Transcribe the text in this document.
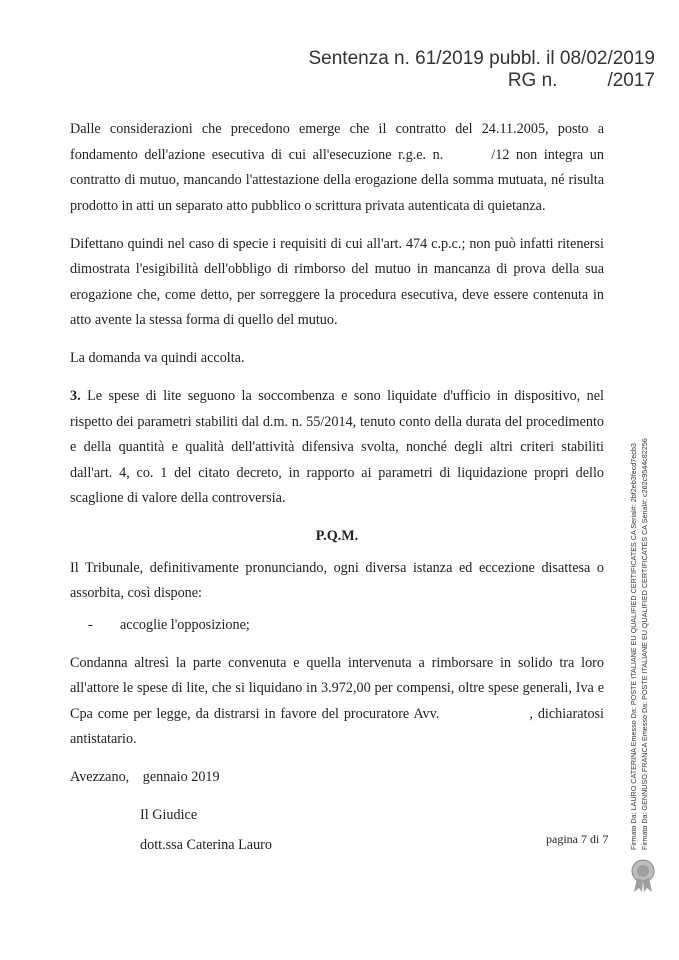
Sentenza n. 61/2019 pubbl. il 08/02/2019
RG n.	/2017

Dalle considerazioni che precedono emerge che il contratto del 24.11.2005, posto a fondamento dell'azione esecutiva di cui all'esecuzione r.g.e. n.	/12 non integra un contratto di mutuo, mancando l'attestazione della erogazione della somma mutuata, né risulta prodotto in atti un separato atto pubblico o scrittura privata autenticata di quietanza.

Difettano quindi nel caso di specie i requisiti di cui all'art. 474 c.p.c.; non può infatti ritenersi dimostrata l'esigibilità dell'obbligo di rimborso del mutuo in mancanza di prova della sua erogazione che, come detto, per sorreggere la procedura esecutiva, deve essere contenuta in atto avente la stessa forma di quello del mutuo.

La domanda va quindi accolta.

3. Le spese di lite seguono la soccombenza e sono liquidate d'ufficio in dispositivo, nel rispetto dei parametri stabiliti dal d.m. n. 55/2014, tenuto conto della durata del procedimento e della quantità e qualità dell'attività difensiva svolta, nonché degli altri criteri stabiliti dall'art. 4, co. 1 del citato decreto, in rapporto ai parametri di liquidazione propri dello scaglione di valore della controversia.

P.Q.M.

Il Tribunale, definitivamente pronunciando, ogni diversa istanza ed eccezione disattesa o assorbita, così dispone:

-	accoglie l'opposizione;

Condanna altresì la parte convenuta e quella intervenuta a rimborsare in solido tra loro all'attore le spese di lite, che si liquidano in 3.972,00 per compensi, oltre spese generali, Iva e Cpa come per legge, da distrarsi in favore del procuratore Avv.	, dichiaratosi antistatario.

Avezzano, gennaio 2019

Il Giudice

dott.ssa Caterina Lauro	pagina 7 di 7	Firmato Da: LAURO CATERINA Emesso Da: POSTE ITALIANE EU QUALIFIED CERTIFICATES CA Serial#: 2bf2eb3fecd7ecb3 Firmato Da: GENNUSO FRANCA Emesso Da: POSTE ITALIANE EU QUALIFIED CERTIFICATES CA Serial#: c262c9544c82256
